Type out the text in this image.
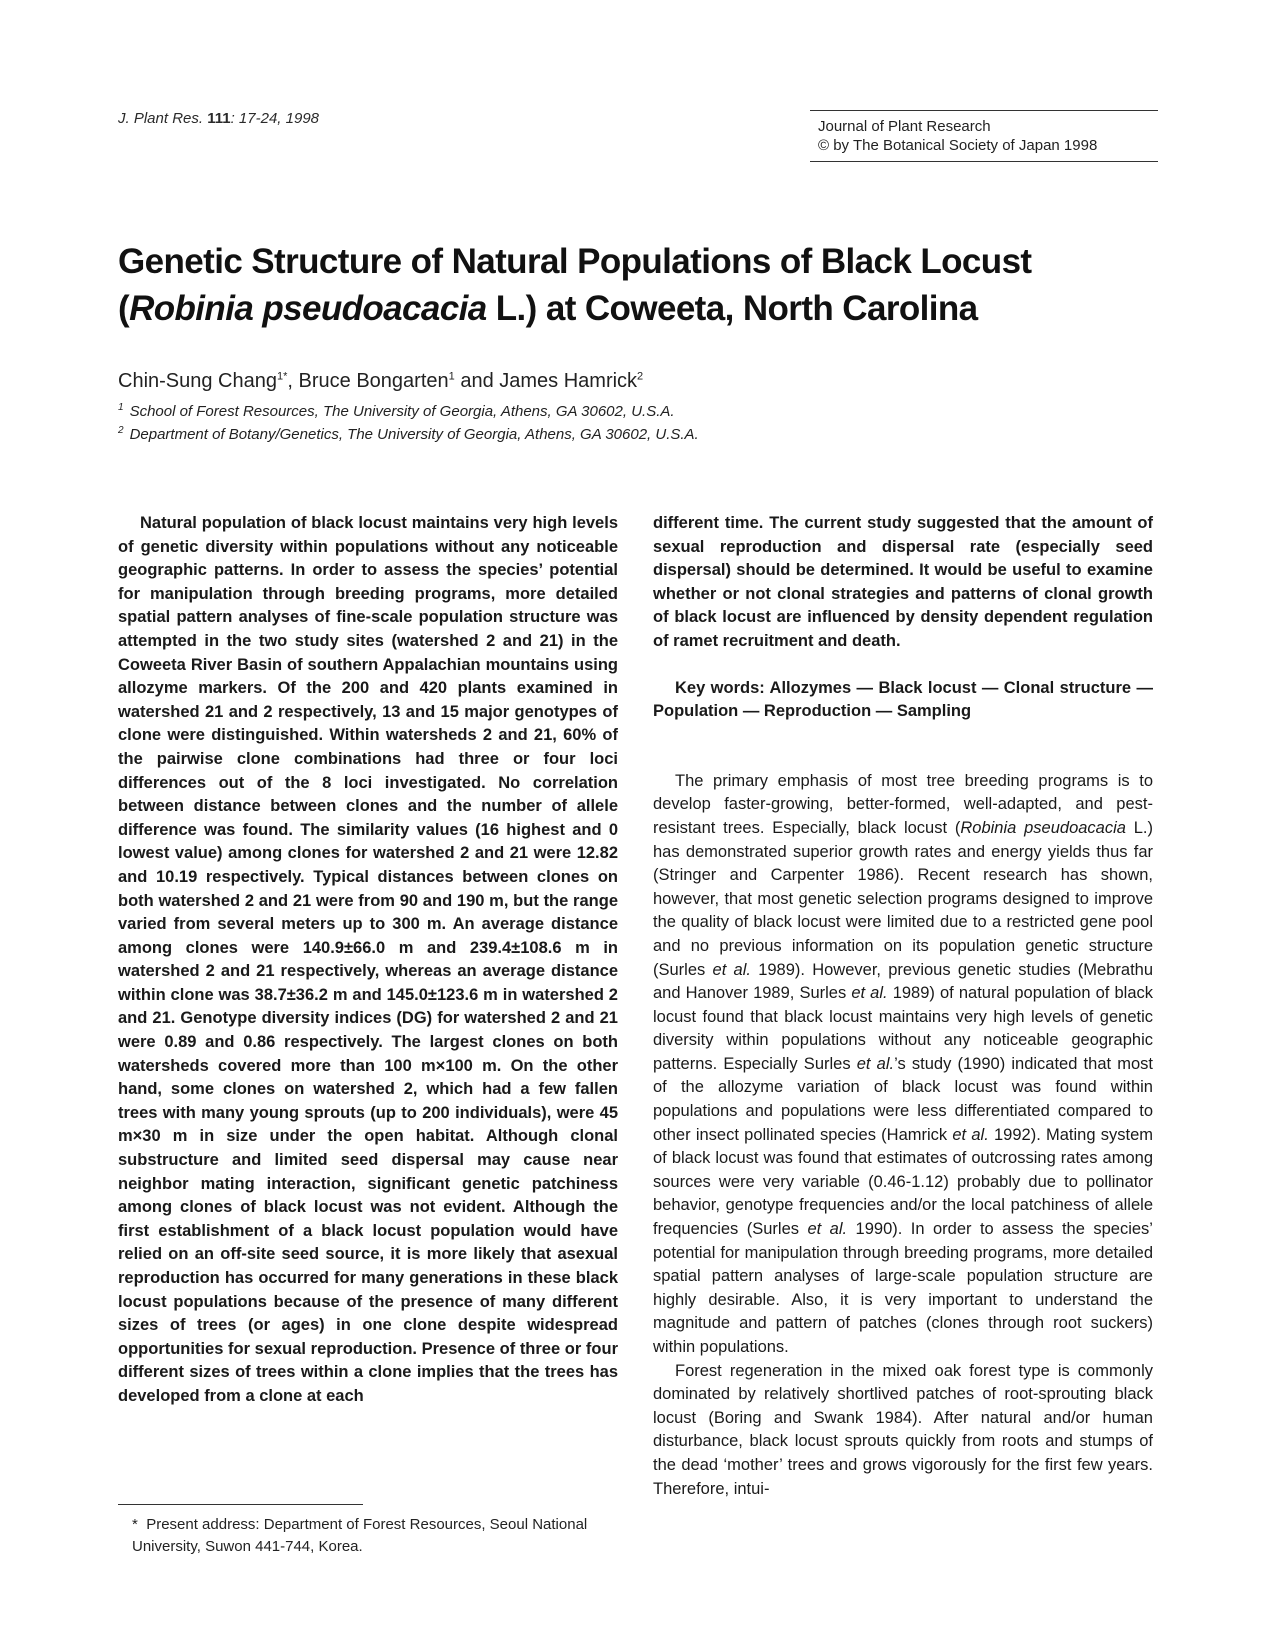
J. Plant Res. 111: 17-24, 1998	Journal of Plant Research
© by The Botanical Society of Japan 1998
Genetic Structure of Natural Populations of Black Locust
(Robinia pseudoacacia L.) at Coweeta, North Carolina
Chin-Sung Chang$^{1*}$, Bruce Bongarten$^1$ and James Hamrick$^2$
$^1$ School of Forest Resources, The University of Georgia, Athens, GA 30602, U.S.A.
$^2$ Department of Botany/Genetics, The University of Georgia, Athens, GA 30602, U.S.A.

Natural population of black locust maintains very high levels of genetic diversity within populations without any noticeable geographic patterns. In order to assess the species’ potential for manipulation through breeding programs, more detailed spatial pattern analyses of fine-scale population structure was attempted in the two study sites (watershed 2 and 21) in the Coweeta River Basin of southern Appalachian mountains using allozyme markers. Of the 200 and 420 plants examined in watershed 21 and 2 respectively, 13 and 15 major genotypes of clone were distinguished. Within watersheds 2 and 21, 60% of the pairwise clone combinations had three or four loci differences out of the 8 loci investigated. No correlation between distance between clones and the number of allele difference was found. The similarity values (16 highest and 0 lowest value) among clones for watershed 2 and 21 were 12.82 and 10.19 respectively. Typical distances between clones on both watershed 2 and 21 were from 90 and 190 m, but the range varied from several meters up to 300 m. An average distance among clones were 140.9±66.0 m and 239.4±108.6 m in watershed 2 and 21 respectively, whereas an average distance within clone was 38.7±36.2 m and 145.0±123.6 m in watershed 2 and 21. Genotype diversity indices (DG) for watershed 2 and 21 were 0.89 and 0.86 respectively. The largest clones on both watersheds covered more than 100 m×100 m. On the other hand, some clones on watershed 2, which had a few fallen trees with many young sprouts (up to 200 individuals), were 45 m×30 m in size under the open habitat. Although clonal substructure and limited seed dispersal may cause near neighbor mating interaction, significant genetic patchiness among clones of black locust was not evident. Although the first establishment of a black locust population would have relied on an off-site seed source, it is more likely that asexual reproduction has occurred for many generations in these black locust populations because of the presence of many different sizes of trees (or ages) in one clone despite widespread opportunities for sexual reproduction. Presence of three or four different sizes of trees within a clone implies that the trees has developed from a clone at each

different time. The current study suggested that the amount of sexual reproduction and dispersal rate (especially seed dispersal) should be determined. It would be useful to examine whether or not clonal strategies and patterns of clonal growth of black locust are influenced by density dependent regulation of ramet recruitment and death.

Key words: Allozymes — Black locust — Clonal structure — Population — Reproduction — Sampling

The primary emphasis of most tree breeding programs is to develop faster-growing, better-formed, well-adapted, and pest-resistant trees. Especially, black locust (Robinia pseudoacacia L.) has demonstrated superior growth rates and energy yields thus far (Stringer and Carpenter 1986). Recent research has shown, however, that most genetic selection programs designed to improve the quality of black locust were limited due to a restricted gene pool and no previous information on its population genetic structure (Surles et al. 1989). However, previous genetic studies (Mebrathu and Hanover 1989, Surles et al. 1989) of natural population of black locust found that black locust maintains very high levels of genetic diversity within populations without any noticeable geographic patterns. Especially Surles et al.’s study (1990) indicated that most of the allozyme variation of black locust was found within populations and populations were less differentiated compared to other insect pollinated species (Hamrick et al. 1992). Mating system of black locust was found that estimates of outcrossing rates among sources were very variable (0.46-1.12) probably due to pollinator behavior, genotype frequencies and/or the local patchiness of allele frequencies (Surles et al. 1990). In order to assess the species’ potential for manipulation through breeding programs, more detailed spatial pattern analyses of large-scale population structure are highly desirable. Also, it is very important to understand the magnitude and pattern of patches (clones through root suckers) within populations.

Forest regeneration in the mixed oak forest type is commonly dominated by relatively shortlived patches of root-sprouting black locust (Boring and Swank 1984). After natural and/or human disturbance, black locust sprouts quickly from roots and stumps of the dead ‘mother’ trees and grows vigorously for the first few years. Therefore, intui-

* Present address: Department of Forest Resources, Seoul National University, Suwon 441-744, Korea.
